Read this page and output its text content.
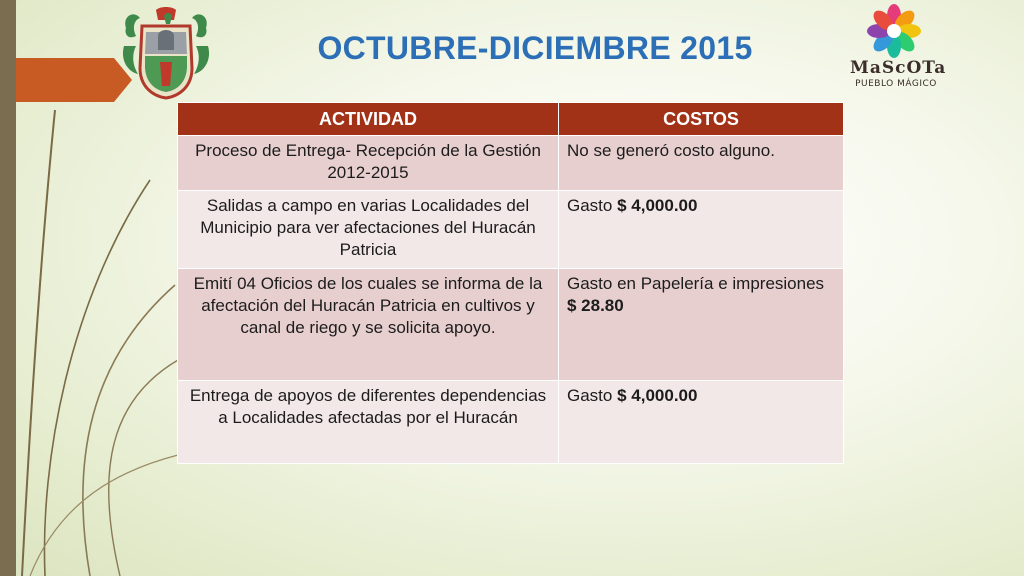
MaScOTa
PUEBLO MÁGICO
OCTUBRE-DICIEMBRE 2015
ACTIVIDAD	COSTOS
Proceso de Entrega- Recepción de la Gestión 2012-2015	No se generó costo alguno.
Salidas a campo en varias Localidades del Municipio para ver afectaciones del Huracán Patricia	Gasto $ 4,000.00
Emití 04 Oficios de los cuales se informa de la afectación del Huracán Patricia en cultivos y canal de riego y se solicita apoyo.	Gasto en Papelería e impresiones $ 28.80
Entrega de apoyos de diferentes dependencias a Localidades afectadas por el Huracán	Gasto $ 4,000.00
